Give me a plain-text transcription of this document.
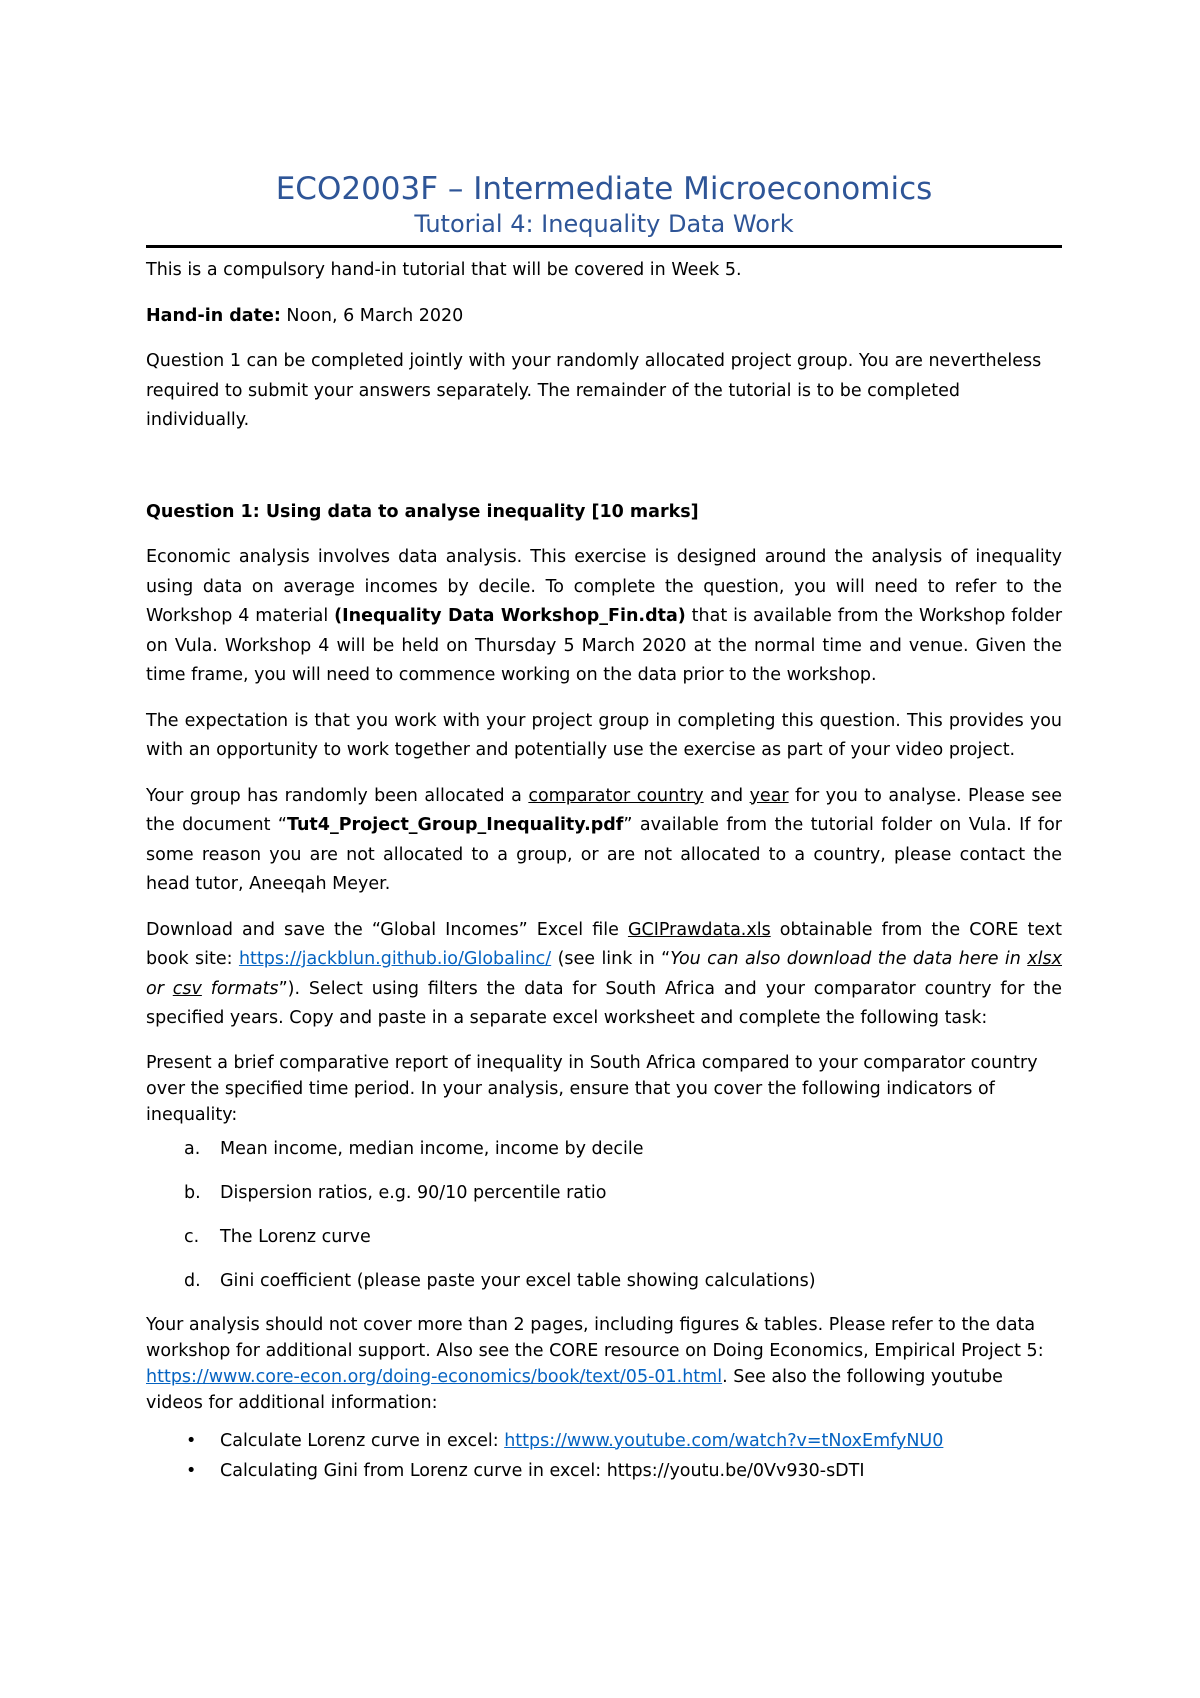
ECO2003F – Intermediate Microeconomics
Tutorial 4: Inequality Data Work

This is a compulsory hand-in tutorial that will be covered in Week 5.

Hand-in date: Noon, 6 March 2020

Question 1 can be completed jointly with your randomly allocated project group. You are nevertheless required to submit your answers separately. The remainder of the tutorial is to be completed individually.

Question 1: Using data to analyse inequality [10 marks]

Economic analysis involves data analysis. This exercise is designed around the analysis of inequality using data on average incomes by decile. To complete the question, you will need to refer to the Workshop 4 material (Inequality Data Workshop_Fin.dta) that is available from the Workshop folder on Vula. Workshop 4 will be held on Thursday 5 March 2020 at the normal time and venue. Given the time frame, you will need to commence working on the data prior to the workshop.

The expectation is that you work with your project group in completing this question. This provides you with an opportunity to work together and potentially use the exercise as part of your video project.

Your group has randomly been allocated a comparator country and year for you to analyse. Please see the document “Tut4_Project_Group_Inequality.pdf” available from the tutorial folder on Vula. If for some reason you are not allocated to a group, or are not allocated to a country, please contact the head tutor, Aneeqah Meyer.

Download and save the “Global Incomes” Excel file GCIPrawdata.xls obtainable from the CORE text book site: https://jackblun.github.io/Globalinc/ (see link in “You can also download the data here in xlsx or csv formats”). Select using filters the data for South Africa and your comparator country for the specified years. Copy and paste in a separate excel worksheet and complete the following task:

Present a brief comparative report of inequality in South Africa compared to your comparator country over the specified time period. In your analysis, ensure that you cover the following indicators of inequality:

a. Mean income, median income, income by decile
b. Dispersion ratios, e.g. 90/10 percentile ratio
c. The Lorenz curve
d. Gini coefficient (please paste your excel table showing calculations)

Your analysis should not cover more than 2 pages, including figures & tables. Please refer to the data workshop for additional support. Also see the CORE resource on Doing Economics, Empirical Project 5: https://www.core-econ.org/doing-economics/book/text/05-01.html. See also the following youtube videos for additional information:

• Calculate Lorenz curve in excel: https://www.youtube.com/watch?v=tNoxEmfyNU0
• Calculating Gini from Lorenz curve in excel: https://youtu.be/0Vv930-sDTI
